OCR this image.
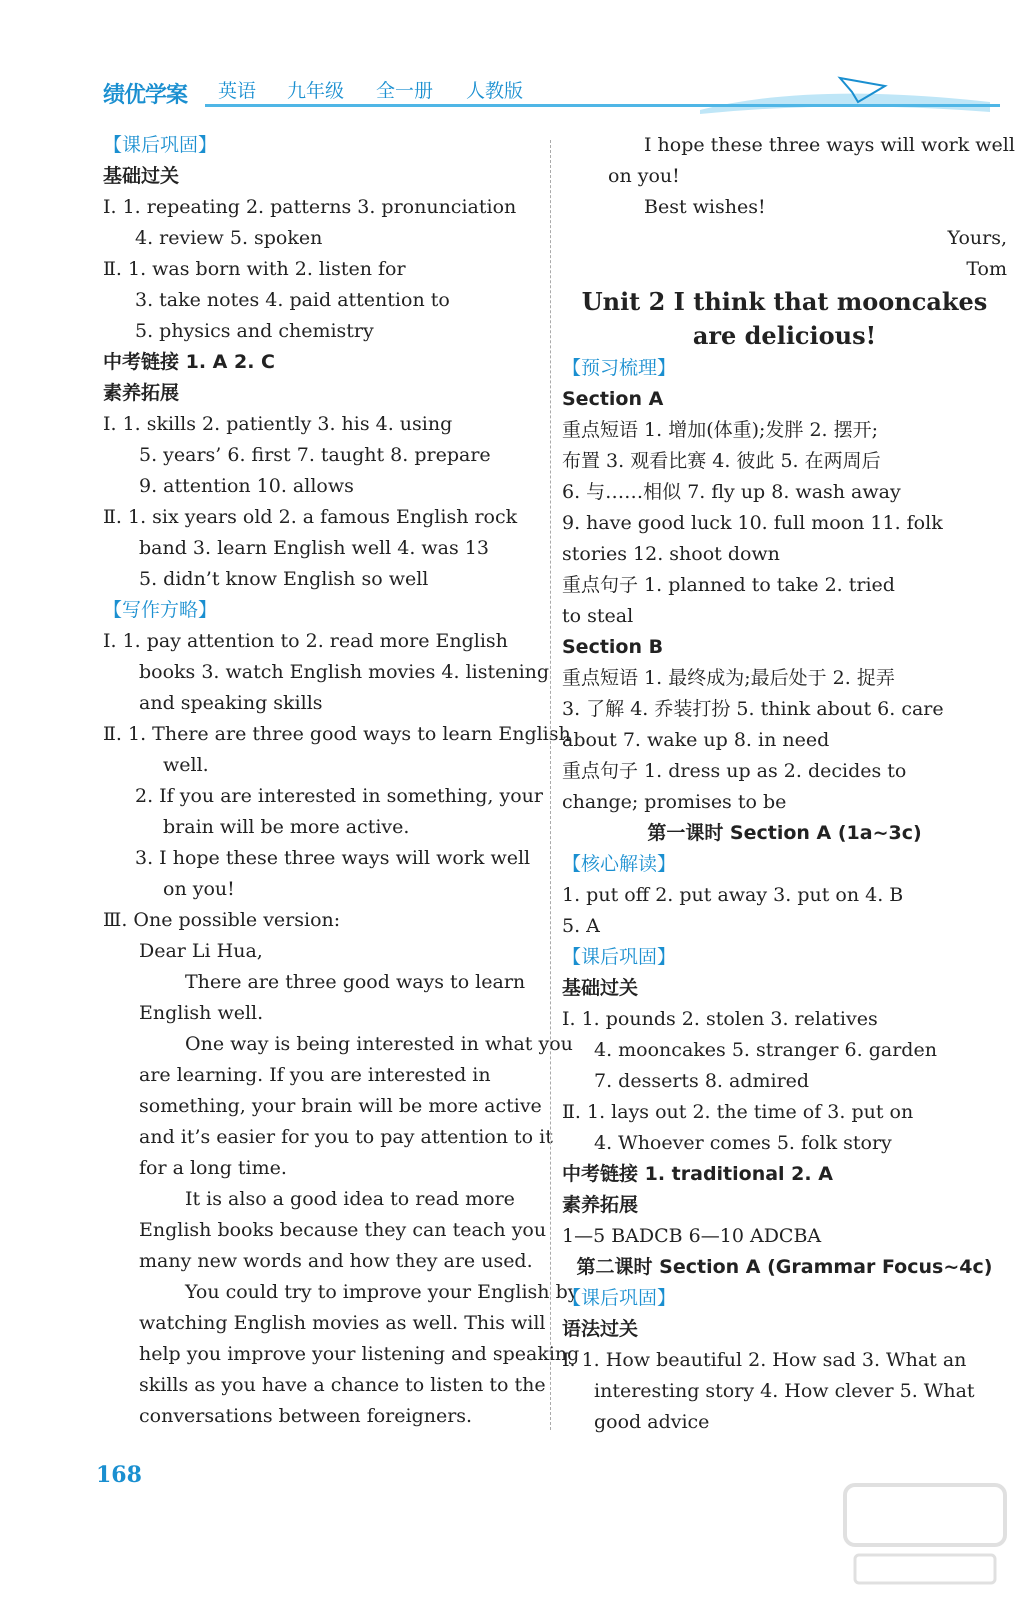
绩优学案 英语 九年级 全一册 人教版
【课后巩固】
基础过关
Ⅰ. 1. repeating 2. patterns 3. pronunciation
4. review 5. spoken
Ⅱ. 1. was born with 2. listen for
3. take notes 4. paid attention to
5. physics and chemistry
中考链接 1. A 2. C
素养拓展
Ⅰ. 1. skills 2. patiently 3. his 4. using
5. years’ 6. first 7. taught 8. prepare
9. attention 10. allows
Ⅱ. 1. six years old 2. a famous English rock
band 3. learn English well 4. was 13
5. didn’t know English so well
【写作方略】
Ⅰ. 1. pay attention to 2. read more English
books 3. watch English movies 4. listening
and speaking skills
Ⅱ. 1. There are three good ways to learn English
well.
2. If you are interested in something, your
brain will be more active.
3. I hope these three ways will work well
on you!
Ⅲ. One possible version:
Dear Li Hua,
There are three good ways to learn
English well.
One way is being interested in what you
are learning. If you are interested in
something, your brain will be more active
and it’s easier for you to pay attention to it
for a long time.
It is also a good idea to read more
English books because they can teach you
many new words and how they are used.
You could try to improve your English by
watching English movies as well. This will
help you improve your listening and speaking
skills as you have a chance to listen to the
conversations between foreigners.
I hope these three ways will work well
on you!
Best wishes!
Yours,
Tom
Unit 2 I think that mooncakes are delicious!
【预习梳理】
Section A
重点短语 1. 增加(体重);发胖 2. 摆开;
布置 3. 观看比赛 4. 彼此 5. 在两周后
6. 与……相似 7. fly up 8. wash away
9. have good luck 10. full moon 11. folk
stories 12. shoot down
重点句子 1. planned to take 2. tried
to steal
Section B
重点短语 1. 最终成为;最后处于 2. 捉弄
3. 了解 4. 乔装打扮 5. think about 6. care
about 7. wake up 8. in need
重点句子 1. dress up as 2. decides to
change; promises to be
第一课时 Section A (1a~3c)
【核心解读】
1. put off 2. put away 3. put on 4. B
5. A
【课后巩固】
基础过关
Ⅰ. 1. pounds 2. stolen 3. relatives
4. mooncakes 5. stranger 6. garden
7. desserts 8. admired
Ⅱ. 1. lays out 2. the time of 3. put on
4. Whoever comes 5. folk story
中考链接 1. traditional 2. A
素养拓展
1—5 BADCB 6—10 ADCBA
第二课时 Section A (Grammar Focus~4c)
【课后巩固】
语法过关
Ⅰ. 1. How beautiful 2. How sad 3. What an
interesting story 4. How clever 5. What
good advice
168
